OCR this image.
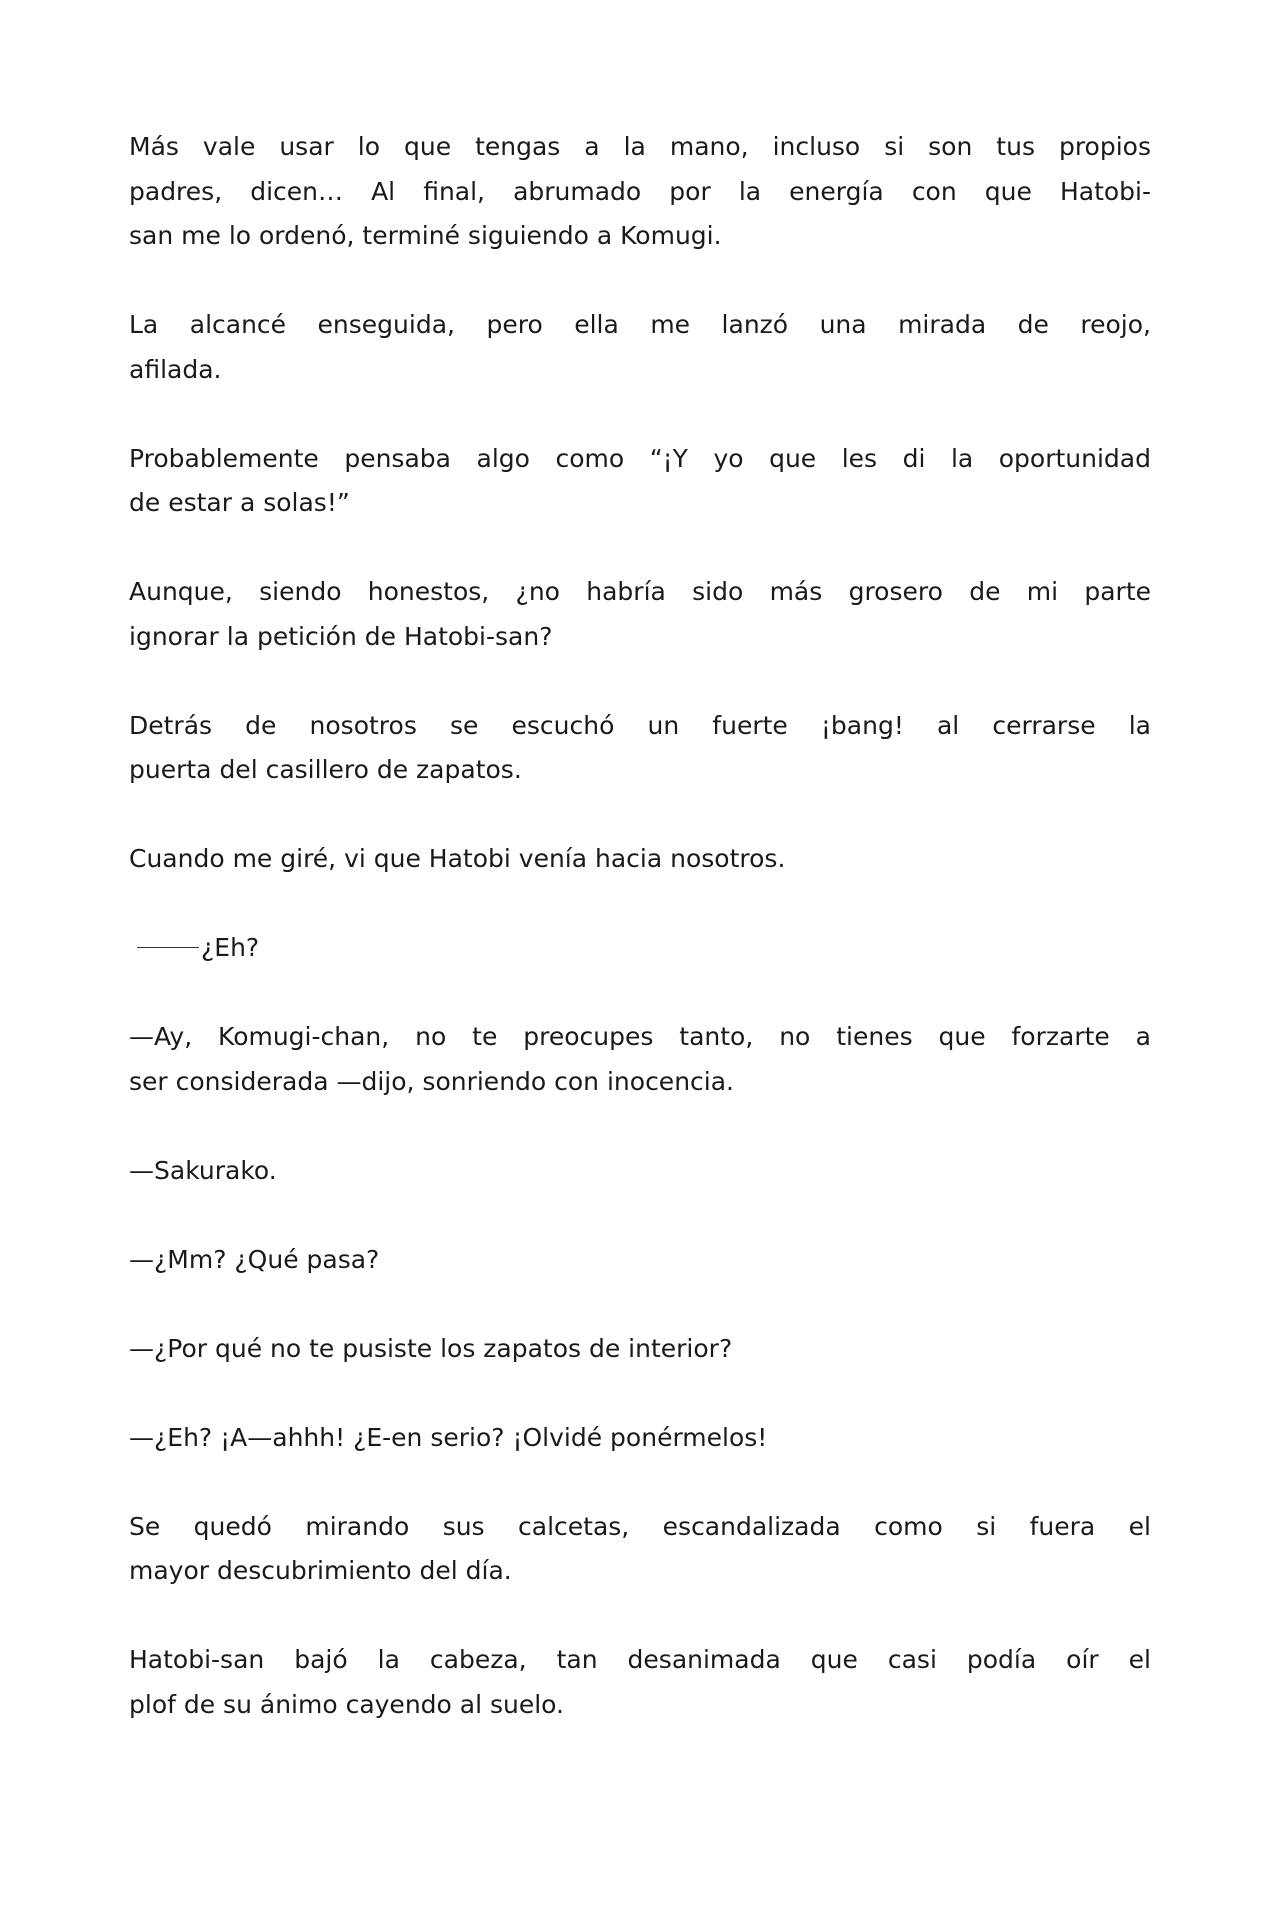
Más vale usar lo que tengas a la mano, incluso si son tus propios
padres, dicen… Al final, abrumado por la energía con que Hatobi-
san me lo ordenó, terminé siguiendo a Komugi.

La alcancé enseguida, pero ella me lanzó una mirada de reojo,
afilada.

Probablemente pensaba algo como “¡Y yo que les di la oportunidad
de estar a solas!”

Aunque, siendo honestos, ¿no habría sido más grosero de mi parte
ignorar la petición de Hatobi-san?

Detrás de nosotros se escuchó un fuerte ¡bang! al cerrarse la
puerta del casillero de zapatos.

Cuando me giré, vi que Hatobi venía hacia nosotros.

¿Eh?

—Ay, Komugi-chan, no te preocupes tanto, no tienes que forzarte a
ser considerada —dijo, sonriendo con inocencia.

—Sakurako.

—¿Mm? ¿Qué pasa?

—¿Por qué no te pusiste los zapatos de interior?

—¿Eh? ¡A—ahhh! ¿E-en serio? ¡Olvidé ponérmelos!

Se quedó mirando sus calcetas, escandalizada como si fuera el
mayor descubrimiento del día.

Hatobi-san bajó la cabeza, tan desanimada que casi podía oír el
plof de su ánimo cayendo al suelo.
